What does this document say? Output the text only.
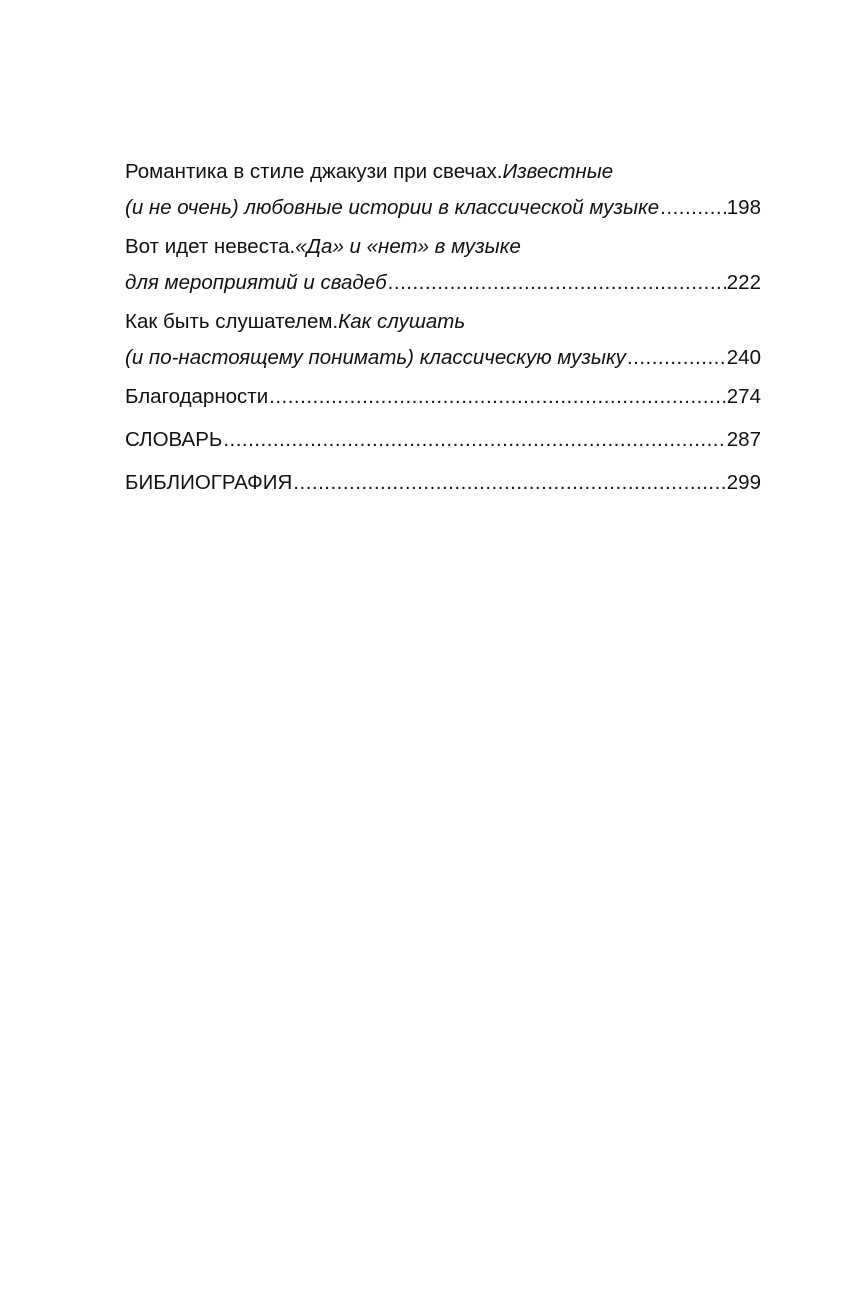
Романтика в стиле джакузи при свечах. Известные
(и не очень) любовные истории в классической музыке .....	198
Вот идет невеста. «Да» и «нет» в музыке
для мероприятий и свадеб .....	222
Как быть слушателем. Как слушать
(и по-настоящему понимать) классическую музыку .....	240
Благодарности .....	274
СЛОВАРЬ .....	287
БИБЛИОГРАФИЯ .....	299
